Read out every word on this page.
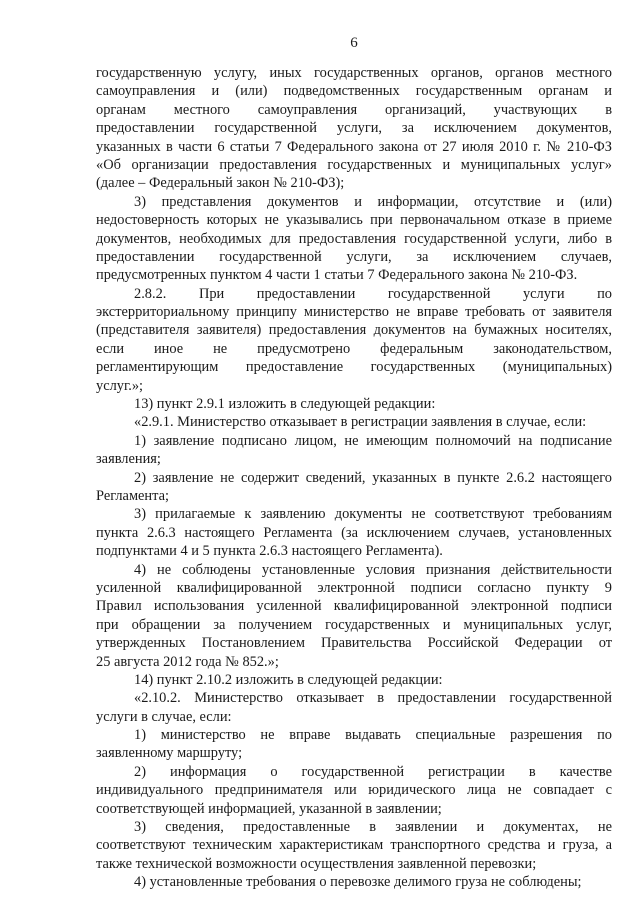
6
государственную услугу, иных государственных органов, органов местного
самоуправления и (или) подведомственных государственным органам и
органам местного самоуправления организаций, участвующих в
предоставлении государственной услуги, за исключением документов,
указанных в части 6 статьи 7 Федерального закона от 27 июля 2010 г. № 210-ФЗ
«Об организации предоставления государственных и муниципальных услуг»
(далее – Федеральный закон № 210-ФЗ);
3) представления документов и информации, отсутствие и (или)
недостоверность которых не указывались при первоначальном отказе в приеме
документов, необходимых для предоставления государственной услуги, либо в
предоставлении государственной услуги, за исключением случаев,
предусмотренных пунктом 4 части 1 статьи 7 Федерального закона № 210-ФЗ.
2.8.2. При предоставлении государственной услуги по
экстерриториальному принципу министерство не вправе требовать от заявителя
(представителя заявителя) предоставления документов на бумажных носителях,
если иное не предусмотрено федеральным законодательством,
регламентирующим предоставление государственных (муниципальных)
услуг.»;
13) пункт 2.9.1 изложить в следующей редакции:
«2.9.1. Министерство отказывает в регистрации заявления в случае, если:
1) заявление подписано лицом, не имеющим полномочий на подписание
заявления;
2) заявление не содержит сведений, указанных в пункте 2.6.2 настоящего
Регламента;
3) прилагаемые к заявлению документы не соответствуют требованиям
пункта 2.6.3 настоящего Регламента (за исключением случаев, установленных
подпунктами 4 и 5 пункта 2.6.3 настоящего Регламента).
4) не соблюдены установленные условия признания действительности
усиленной квалифицированной электронной подписи согласно пункту 9
Правил использования усиленной квалифицированной электронной подписи
при обращении за получением государственных и муниципальных услуг,
утвержденных Постановлением Правительства Российской Федерации от
25 августа 2012 года № 852.»;
14) пункт 2.10.2 изложить в следующей редакции:
«2.10.2. Министерство отказывает в предоставлении государственной
услуги в случае, если:
1) министерство не вправе выдавать специальные разрешения по
заявленному маршруту;
2) информация о государственной регистрации в качестве
индивидуального предпринимателя или юридического лица не совпадает с
соответствующей информацией, указанной в заявлении;
3) сведения, предоставленные в заявлении и документах, не
соответствуют техническим характеристикам транспортного средства и груза, а
также технической возможности осуществления заявленной перевозки;
4) установленные требования о перевозке делимого груза не соблюдены;
